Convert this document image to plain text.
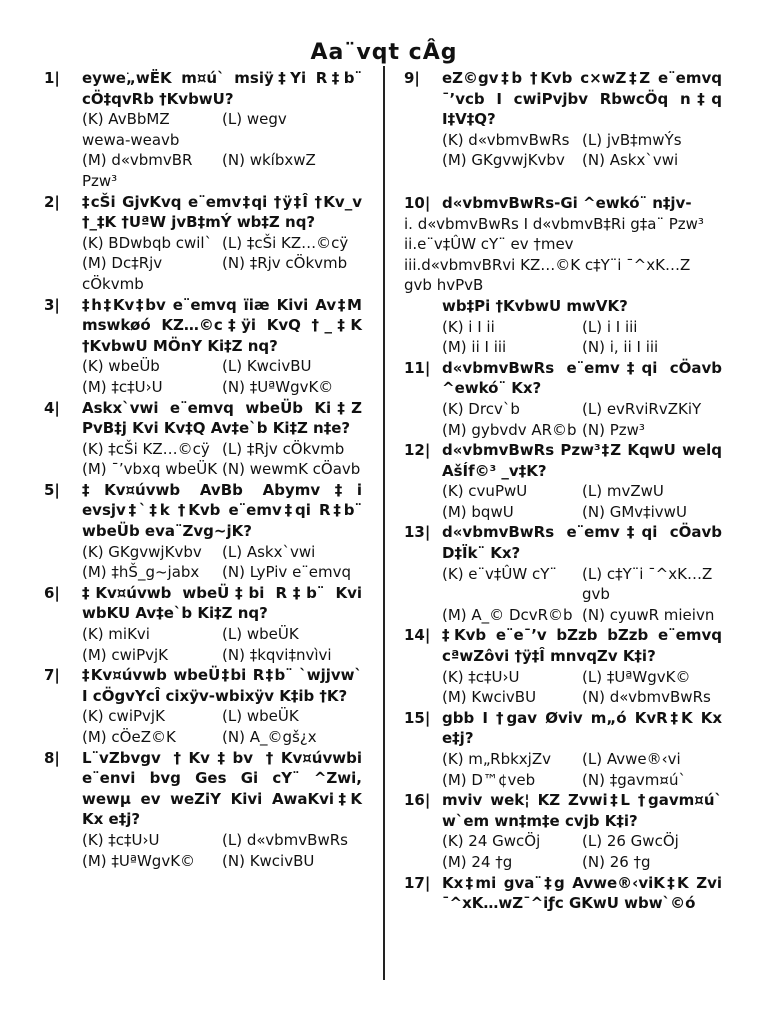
Aa¨vqt cÂg
1| eywׁe„wËK m¤ú` msiÿ‡Yi R‡b¨ cÖ‡qvRb †KvbwU?
(K) AvBbMZ wewa-weavb
(L) wegv
(M) d«vbmvBR Pzw³
(N) wkíbxwZ
2| ‡cŠi GjvKvq e¨emv‡qi †ÿ‡Î †Kv_v †_‡K †UªW jvB‡mÝ wb‡Z nq?
(K) BDwbqb cwil` (L) ‡cŠi KZ…©cÿ
(M) Dc‡Rjv cÖkvmb
(N) ‡Rjv cÖkvmb
3| ‡h‡Kv‡bv e¨emvq ïiæ Kivi Av‡M mswkøó KZ…©c‡ÿi KvQ †_‡K †KvbwU MÖnY Ki‡Z nq?
(K) wbeÜb	(L) KwcivBU
(M) ‡c‡U›U	(N) ‡UªWgvK©
4| Askx`vwi e¨emvq wbeÜb Ki‡Z PvB‡j Kvi Kv‡Q Av‡e`b Ki‡Z n‡e?
(K) ‡cŠi KZ…©cÿ (L) ‡Rjv cÖkvmb
(M) ¯’vbxq wbeÜK (N) wewmK cÖavb
5| ‡Kv¤úvwb AvBb Abymv‡i evsjv‡`‡k †Kvb e¨emv‡qi R‡b¨ wbeÜb eva¨Zvg~jK?
(K) GKgvwjKvbv	(L) Askx`vwi
(M) ‡hŠ_g~jabx	(N) LyPiv e¨emvq
6| ‡Kv¤úvwb wbeÜ‡bi R‡b¨ Kvi wbKU Av‡e`b Ki‡Z nq?
(K) miKvi	(L) wbeÜK
(M) cwiPvjK	(N) ‡kqvi‡nvìvi
7| ‡Kv¤úvwb wbeÜ‡bi R‡b¨ `wjjvw` I cÖgvYcÎ cixÿv-wbixÿv K‡ib †K?
(K) cwiPvjK	(L) wbeÜK
(M) cÖeZ©K	(N) A_©gš¿x
8| L¨vZbvgv †Kv‡bv †Kv¤úvwbi e¨envi bvg Ges Gi cY¨ ^Zwi, wewµ ev weZiY Kivi AwaKvi‡K Kx e‡j?
(K) ‡c‡U›U	(L) d«vbmvBwRs
(M) ‡UªWgvK©	(N) KwcivBU
9| eZ©gv‡b †Kvb c×wZ‡Z e¨emvq ¯’vcb I cwiPvjbv RbwcÖq n‡q I‡V‡Q?
(K) d«vbmvBwRs (L) jvB‡mwÝs
(M) GKgvwjKvbv	(N) Askx`vwi
10| d«vbmvBwRs-Gi ^ewkó¨ n‡jv-
i. d«vbmvBwRs I d«vbmvB‡Ri g‡a¨ Pzw³
ii.e¨v‡ÛW cY¨ ev †mev
iii.d«vbmvBRvi KZ…©K c‡Y¨i ¯^xK…Z gvb hvPvB
wb‡Pi †KvbwU mwVK?
(K) i I ii	(L) i I iii
(M) ii I iii	(N) i, ii I iii
11| d«vbmvBwRs e¨emv‡qi cÖavb ^ewkó¨ Kx?
(K) Drcv`b	(L) evRviRvZKiY
(M) gybvdv AR©b (N) Pzw³
12| d«vbmvBwRs Pzw³‡Z KqwU welq AšÍf©³ _v‡K?
(K) cvuPwU	(L) mvZwU
(M) bqwU	(N) GMv‡ivwU
13| d«vbmvBwRs e¨emv‡qi cÖavb D‡Ïk¨ Kx?
(K) e¨v‡ÛW cY¨	(L) c‡Y¨i ¯^xK…Z gvb
(M) A_© DcvR©b (N) cyuwR mieivn
14| ‡Kvb e¨e¯’v bZzb bZzb e¨emvq cªwZôvi †ÿ‡Î mnvqZv K‡i?
(K) ‡c‡U›U	(L) ‡UªWgvK©
(M) KwcivBU	(N) d«vbmvBwRs
15| gbb I †gav Øviv m„ó KvR‡K Kx e‡j?
(K) m„RbkxjZv	(L) Avwe®‹vi
(M) D™¢veb	(N) ‡gavm¤ú`
16| mviv wek¦ KZ Zvwi‡L †gavm¤ú` w`em wn‡m‡e cvjb K‡i?
(K) 24 GwcÖj	(L) 26 GwcÖj
(M) 24 †g	(N) 26 †g
17| Kx‡mi gva¨‡g Avwe®‹viK‡K Zvi ¯^xK…wZ¯^iƒc GKwU wbw`©ó
